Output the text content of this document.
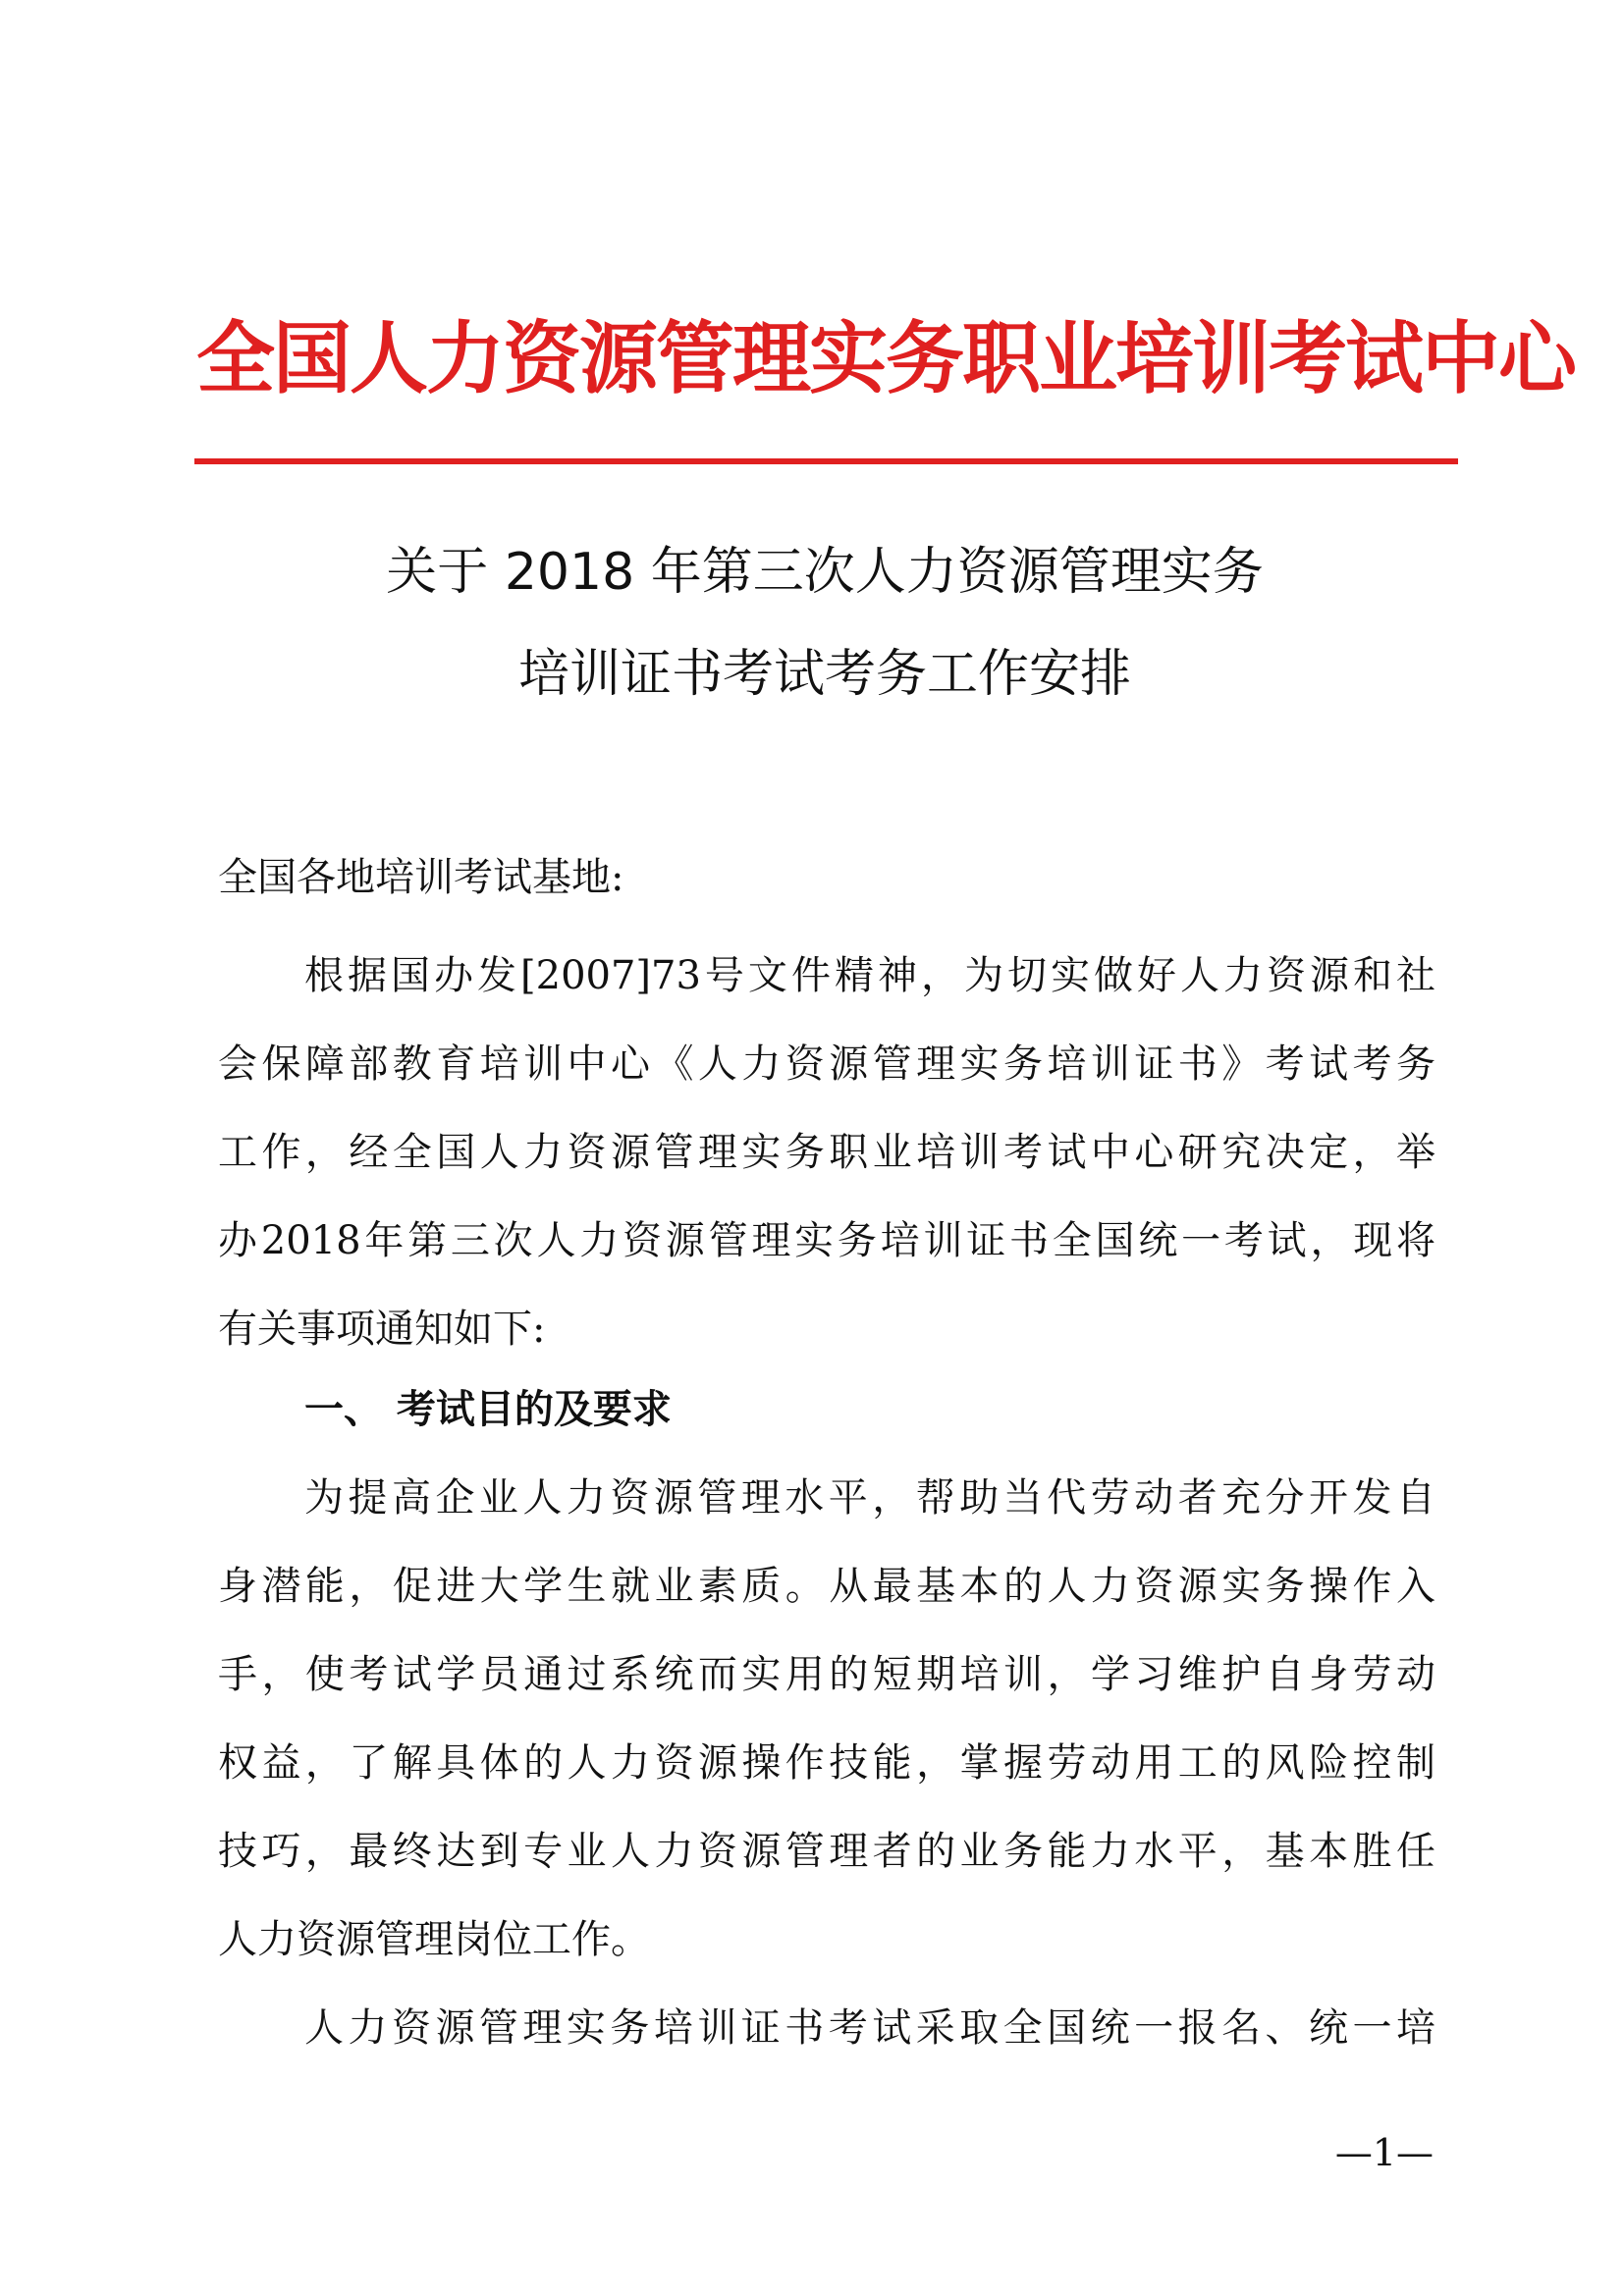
全国人力资源管理实务职业培训考试中心
关于 2018 年第三次人力资源管理实务
培训证书考试考务工作安排
全国各地培训考试基地:
根据国办发[2007]73号文件精神，为切实做好人力资源和社
会保障部教育培训中心《人力资源管理实务培训证书》考试考务
工作，经全国人力资源管理实务职业培训考试中心研究决定，举
办2018年第三次人力资源管理实务培训证书全国统一考试，现将
有关事项通知如下:
一、 考试目的及要求
为提高企业人力资源管理水平，帮助当代劳动者充分开发自
身潜能，促进大学生就业素质。从最基本的人力资源实务操作入
手，使考试学员通过系统而实用的短期培训，学习维护自身劳动
权益，了解具体的人力资源操作技能，掌握劳动用工的风险控制
技巧，最终达到专业人力资源管理者的业务能力水平，基本胜任
人力资源管理岗位工作。
人力资源管理实务培训证书考试采取全国统一报名、统一培
—1—
